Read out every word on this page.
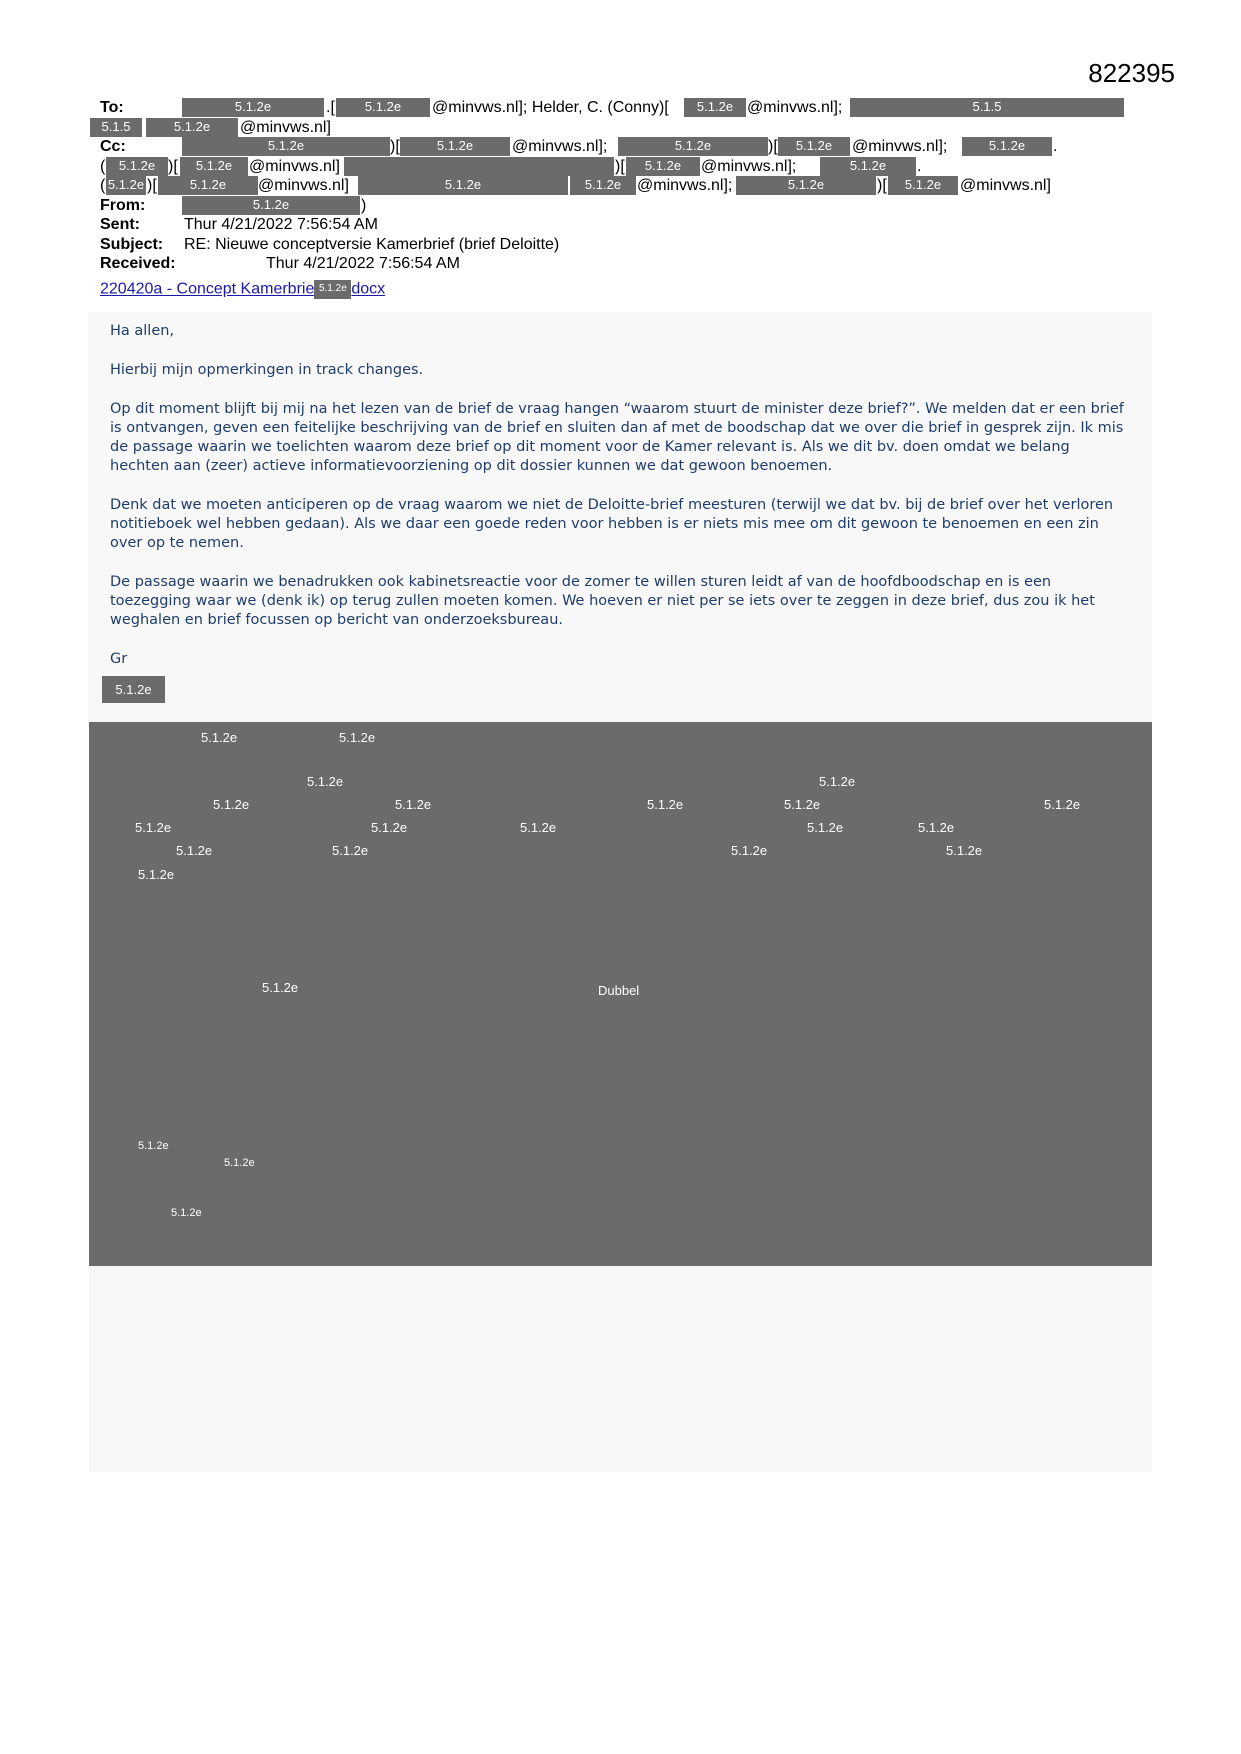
822395
To:	5.1.2e	.[	5.1.2e	@minvws.nl]; Helder, C. (Conny)[	5.1.2e @minvws.nl];	5.1.5
5.1.5	5.1.2e	@minvws.nl]
Cc:	5.1.2e	)[	5.1.2e	@minvws.nl];	5.1.2e	)[	5.1.2e	@minvws.nl];	5.1.2e	.
(	5.1.2e )[	5.1.2e	@minvws.nl]	)[	5.1.2e	@minvws.nl];	5.1.2e	.
( 5.1.2e )[	5.1.2e	@minvws.nl]	5.1.2e	5.1.2e @minvws.nl];	5.1.2e	)[	5.1.2e	@minvws.nl]
From:	5.1.2e	)
Sent:	Thur 4/21/2022 7:56:54 AM
Subject: RE: Nieuwe conceptversie Kamerbrief (brief Deloitte)
Received:	Thur 4/21/2022 7:56:54 AM
220420a - Concept Kamerbrie 5.1.2e docx

Ha allen,

Hierbij mijn opmerkingen in track changes.

Op dit moment blijft bij mij na het lezen van de brief de vraag hangen “waarom stuurt de minister deze brief?”. We melden dat er een brief is ontvangen, geven een feitelijke beschrijving van de brief en sluiten dan af met de boodschap dat we over die brief in gesprek zijn. Ik mis de passage waarin we toelichten waarom deze brief op dit moment voor de Kamer relevant is. Als we dit bv. doen omdat we belang hechten aan (zeer) actieve informatievoorziening op dit dossier kunnen we dat gewoon benoemen.

Denk dat we moeten anticiperen op de vraag waarom we niet de Deloitte-brief meesturen (terwijl we dat bv. bij de brief over het verloren notitieboek wel hebben gedaan). Als we daar een goede reden voor hebben is er niets mis mee om dit gewoon te benoemen en een zin over op te nemen.

De passage waarin we benadrukken ook kabinetsreactie voor de zomer te willen sturen leidt af van de hoofdboodschap en is een toezegging waar we (denk ik) op terug zullen moeten komen. We hoeven er niet per se iets over te zeggen in deze brief, dus zou ik het weghalen en brief focussen op bericht van onderzoeksbureau.

Gr

5.1.2e
5.1.2e	5.1.2e
5.1.2e	5.1.2e
5.1.2e	5.1.2e	5.1.2e	5.1.2e	5.1.2e
5.1.2e	5.1.2e	5.1.2e	5.1.2e	5.1.2e
5.1.2e	5.1.2e	5.1.2e	5.1.2e
5.1.2e
5.1.2e	Dubbel
5.1.2e
5.1.2e
5.1.2e
